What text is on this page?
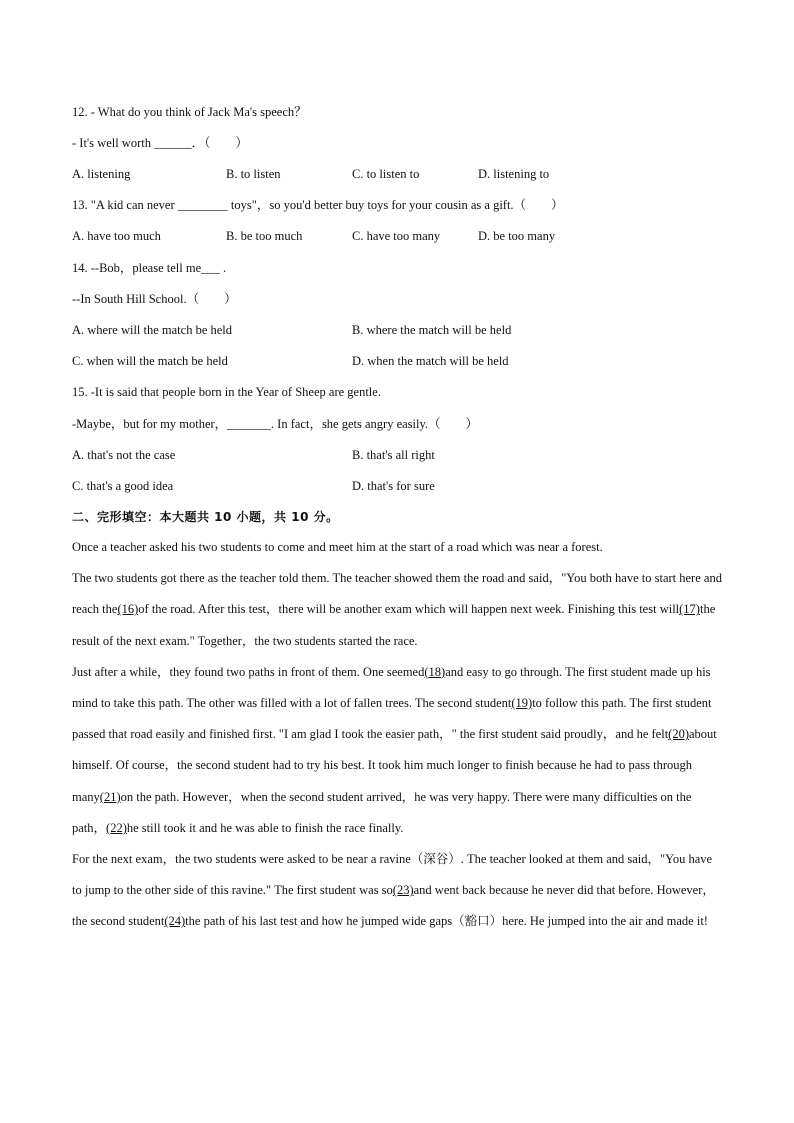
12. - What do you think of Jack Ma's speech？
- It's well worth ______．（　　）
A. listening	B. to listen	C. to listen to	D. listening to
13. "A kid can never ________ toys"，so you'd better buy toys for your cousin as a gift.（　　）
A. have too much	B. be too much	C. have too many	D. be too many
14. --Bob，please tell me___ .
--In South Hill School.（　　）
A. where will the match be held	B. where the match will be held
C. when will the match be held	D. when the match will be held
15. -It is said that people born in the Year of Sheep are gentle.
-Maybe，but for my mother，_______. In fact，she gets angry easily.（　　）
A. that's not the case	B. that's all right
C. that's a good idea	D. that's for sure
二、完形填空：本大题共 10 小题，共 10 分。

Once a teacher asked his two students to come and meet him at the start of a road which was near a forest.

The two students got there as the teacher told them. The teacher showed them the road and said，"You both have to start here and reach the(16)of the road. After this test，there will be another exam which will happen next week. Finishing this test will(17)the result of the next exam." Together，the two students started the race.

Just after a while，they found two paths in front of them. One seemed(18)and easy to go through. The first student made up his mind to take this path. The other was filled with a lot of fallen trees. The second student(19)to follow this path. The first student passed that road easily and finished first. "I am glad I took the easier path，" the first student said proudly，and he felt(20)about himself. Of course，the second student had to try his best. It took him much longer to finish because he had to pass through many(21)on the path. However，when the second student arrived，he was very happy. There were many difficulties on the path，(22)he still took it and he was able to finish the race finally.

For the next exam，the two students were asked to be near a ravine（深谷）. The teacher looked at them and said，"You have to jump to the other side of this ravine." The first student was so(23)and went back because he never did that before. However，the second student(24)the path of his last test and how he jumped wide gaps（豁口）here. He jumped into the air and made it!
